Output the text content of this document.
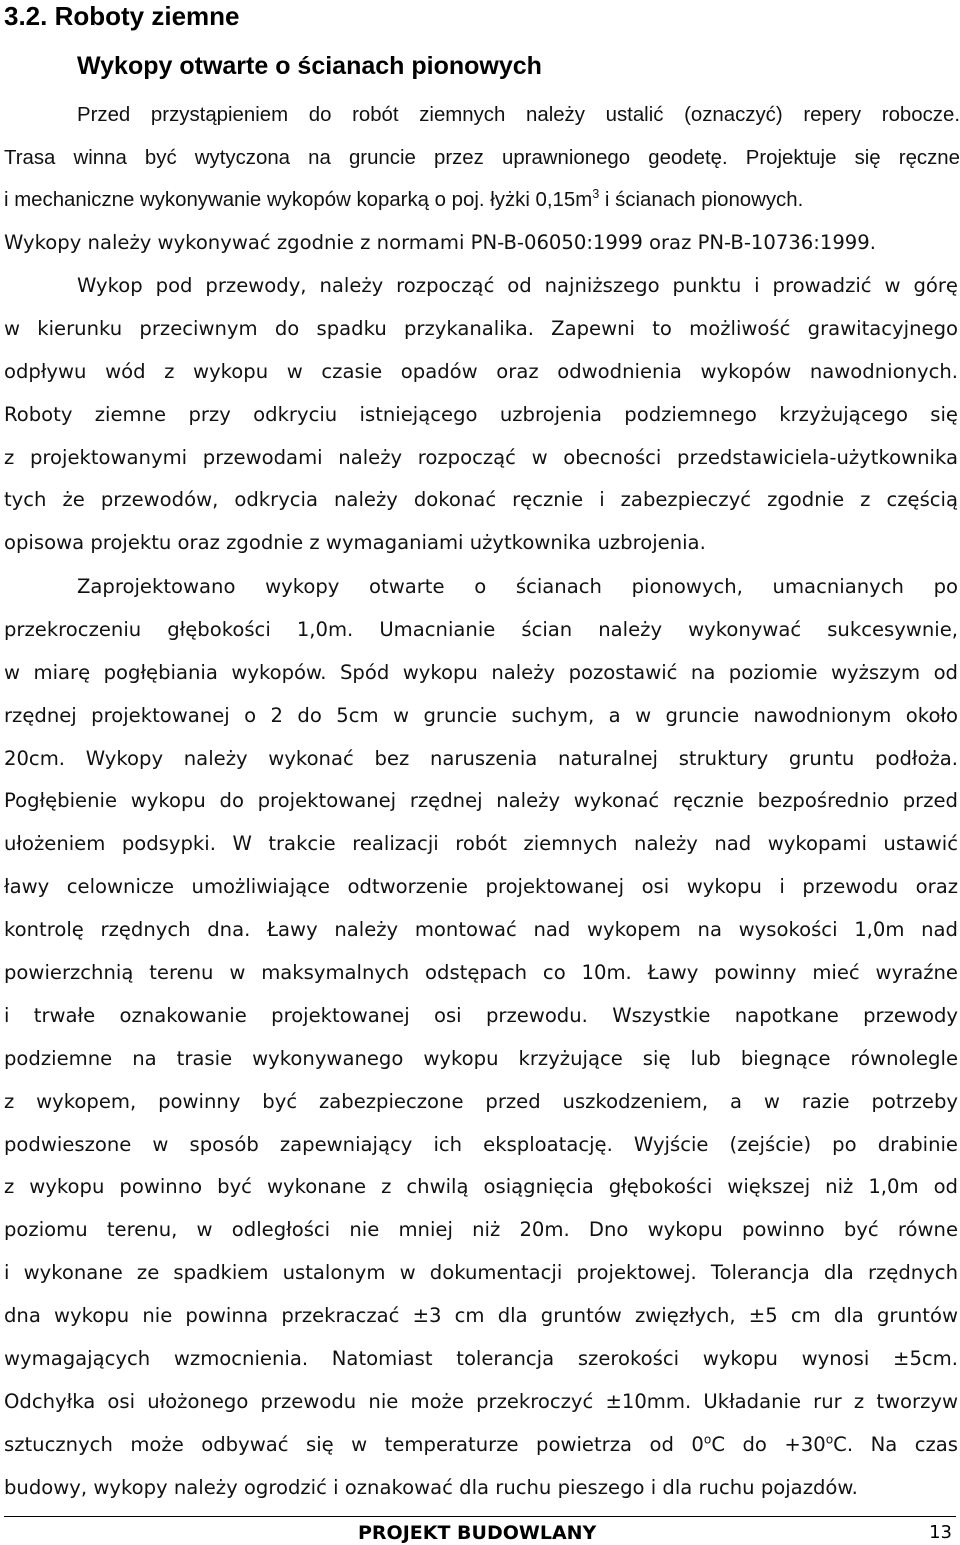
3.2. Roboty ziemne
Wykopy otwarte o ścianach pionowych
Przed przystąpieniem do robót ziemnych należy ustalić (oznaczyć) repery robocze.
Trasa winna być wytyczona na gruncie przez uprawnionego geodetę. Projektuje się ręczne
i mechaniczne wykonywanie wykopów koparką o poj. łyżki $0,15m^3$ i ścianach pionowych.
Wykopy należy wykonywać zgodnie z normami PN-B-06050:1999 oraz PN-B-10736:1999.
Wykop pod przewody, należy rozpocząć od najniższego punktu i prowadzić w górę
w kierunku przeciwnym do spadku przykanalika. Zapewni to możliwość grawitacyjnego
odpływu wód z wykopu w czasie opadów oraz odwodnienia wykopów nawodnionych.
Roboty ziemne przy odkryciu istniejącego uzbrojenia podziemnego krzyżującego się
z projektowanymi przewodami należy rozpocząć w obecności przedstawiciela-użytkownika
tych że przewodów, odkrycia należy dokonać ręcznie i zabezpieczyć zgodnie z częścią
opisowa projektu oraz zgodnie z wymaganiami użytkownika uzbrojenia.
Zaprojektowano wykopy otwarte o ścianach pionowych, umacnianych po
przekroczeniu głębokości 1,0m. Umacnianie ścian należy wykonywać sukcesywnie,
w miarę pogłębiania wykopów. Spód wykopu należy pozostawić na poziomie wyższym od
rzędnej projektowanej o 2 do 5cm w gruncie suchym, a w gruncie nawodnionym około
20cm. Wykopy należy wykonać bez naruszenia naturalnej struktury gruntu podłoża.
Pogłębienie wykopu do projektowanej rzędnej należy wykonać ręcznie bezpośrednio przed
ułożeniem podsypki. W trakcie realizacji robót ziemnych należy nad wykopami ustawić
ławy celownicze umożliwiające odtworzenie projektowanej osi wykopu i przewodu oraz
kontrolę rzędnych dna. Ławy należy montować nad wykopem na wysokości 1,0m nad
powierzchnią terenu w maksymalnych odstępach co 10m. Ławy powinny mieć wyraźne
i trwałe oznakowanie projektowanej osi przewodu. Wszystkie napotkane przewody
podziemne na trasie wykonywanego wykopu krzyżujące się lub biegnące równolegle
z wykopem, powinny być zabezpieczone przed uszkodzeniem, a w razie potrzeby
podwieszone w sposób zapewniający ich eksploatację. Wyjście (zejście) po drabinie
z wykopu powinno być wykonane z chwilą osiągnięcia głębokości większej niż 1,0m od
poziomu terenu, w odległości nie mniej niż 20m. Dno wykopu powinno być równe
i wykonane ze spadkiem ustalonym w dokumentacji projektowej. Tolerancja dla rzędnych
dna wykopu nie powinna przekraczać ±3 cm dla gruntów zwięzłych, ±5 cm dla gruntów
wymagających wzmocnienia. Natomiast tolerancja szerokości wykopu wynosi ±5cm.
Odchyłka osi ułożonego przewodu nie może przekroczyć ±10mm. Układanie rur z tworzyw
sztucznych może odbywać się w temperaturze powietrza od 0$^o$C do $+30^oC$. Na czas
budowy, wykopy należy ogrodzić i oznakować dla ruchu pieszego i dla ruchu pojazdów.
PROJEKT BUDOWLANY	13
